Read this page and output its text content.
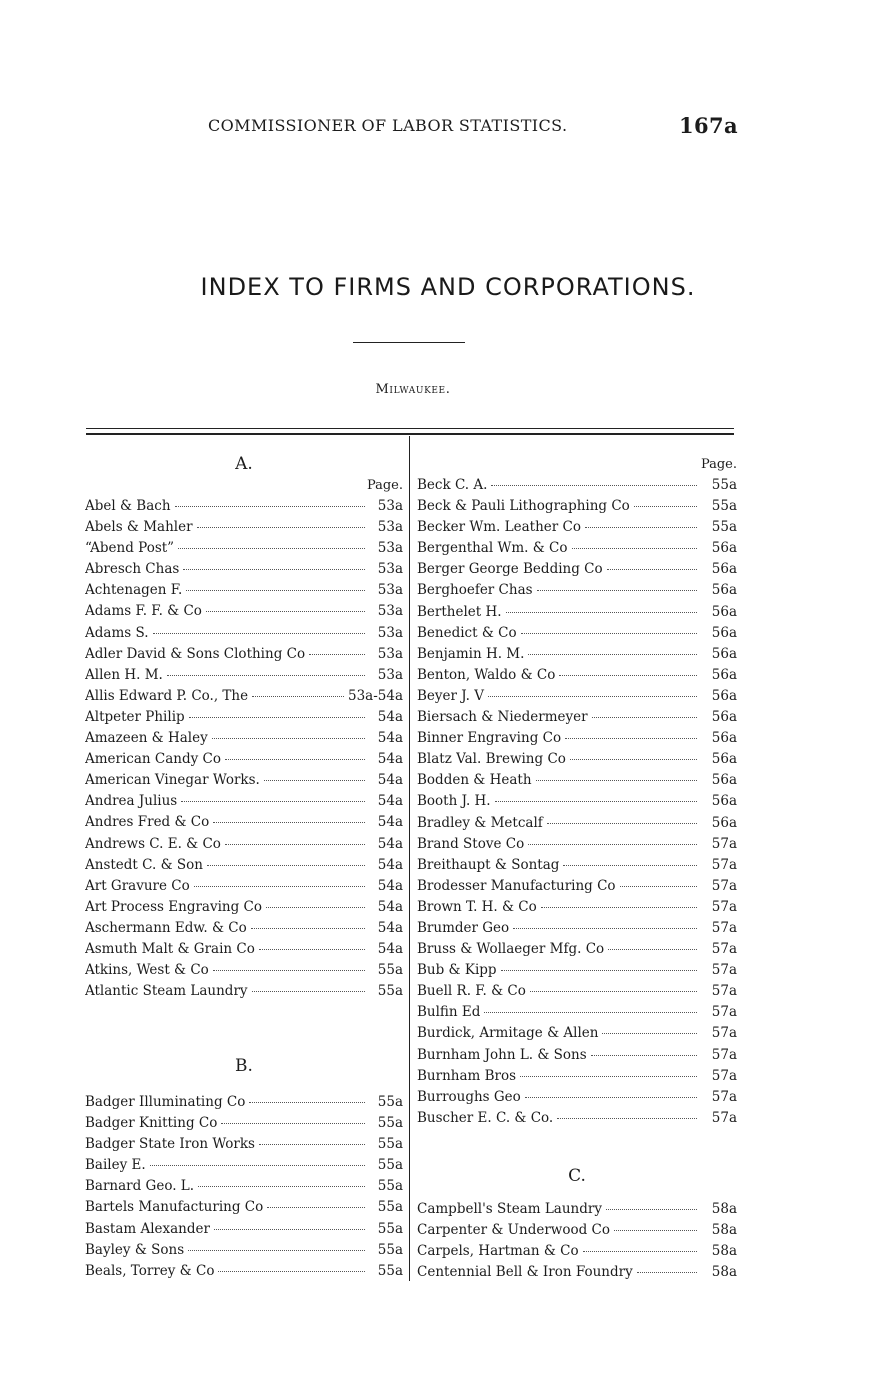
COMMISSIONER OF LABOR STATISTICS.	167a
INDEX TO FIRMS AND CORPORATIONS.
Milwaukee.
A.
Page.
Abel & Bach	53a
Abels & Mahler	53a
“Abend Post”	53a
Abresch Chas	53a
Achtenagen F.	53a
Adams F. F. & Co	53a
Adams S.	53a
Adler David & Sons Clothing Co	53a
Allen H. M.	53a
Allis Edward P. Co., The	53a-54a
Altpeter Philip	54a
Amazeen & Haley	54a
American Candy Co	54a
American Vinegar Works.	54a
Andrea Julius	54a
Andres Fred & Co	54a
Andrews C. E. & Co	54a
Anstedt C. & Son	54a
Art Gravure Co	54a
Art Process Engraving Co	54a
Aschermann Edw. & Co	54a
Asmuth Malt & Grain Co	54a
Atkins, West & Co	55a
Atlantic Steam Laundry	55a
B.
Badger Illuminating Co	55a
Badger Knitting Co	55a
Badger State Iron Works	55a
Bailey E.	55a
Barnard Geo. L.	55a
Bartels Manufacturing Co	55a
Bastam Alexander	55a
Bayley & Sons	55a
Beals, Torrey & Co	55a
Page.
Beck C. A.	55a
Beck & Pauli Lithographing Co	55a
Becker Wm. Leather Co	55a
Bergenthal Wm. & Co	56a
Berger George Bedding Co	56a
Berghoefer Chas	56a
Berthelet H.	56a
Benedict & Co	56a
Benjamin H. M.	56a
Benton, Waldo & Co	56a
Beyer J. V	56a
Biersach & Niedermeyer	56a
Binner Engraving Co	56a
Blatz Val. Brewing Co	56a
Bodden & Heath	56a
Booth J. H.	56a
Bradley & Metcalf	56a
Brand Stove Co	57a
Breithaupt & Sontag	57a
Brodesser Manufacturing Co	57a
Brown T. H. & Co	57a
Brumder Geo	57a
Bruss & Wollaeger Mfg. Co	57a
Bub & Kipp	57a
Buell R. F. & Co	57a
Bulfin Ed	57a
Burdick, Armitage & Allen	57a
Burnham John L. & Sons	57a
Burnham Bros	57a
Burroughs Geo	57a
Buscher E. C. & Co.	57a
C.
Campbell's Steam Laundry	58a
Carpenter & Underwood Co	58a
Carpels, Hartman & Co	58a
Centennial Bell & Iron Foundry	58a
